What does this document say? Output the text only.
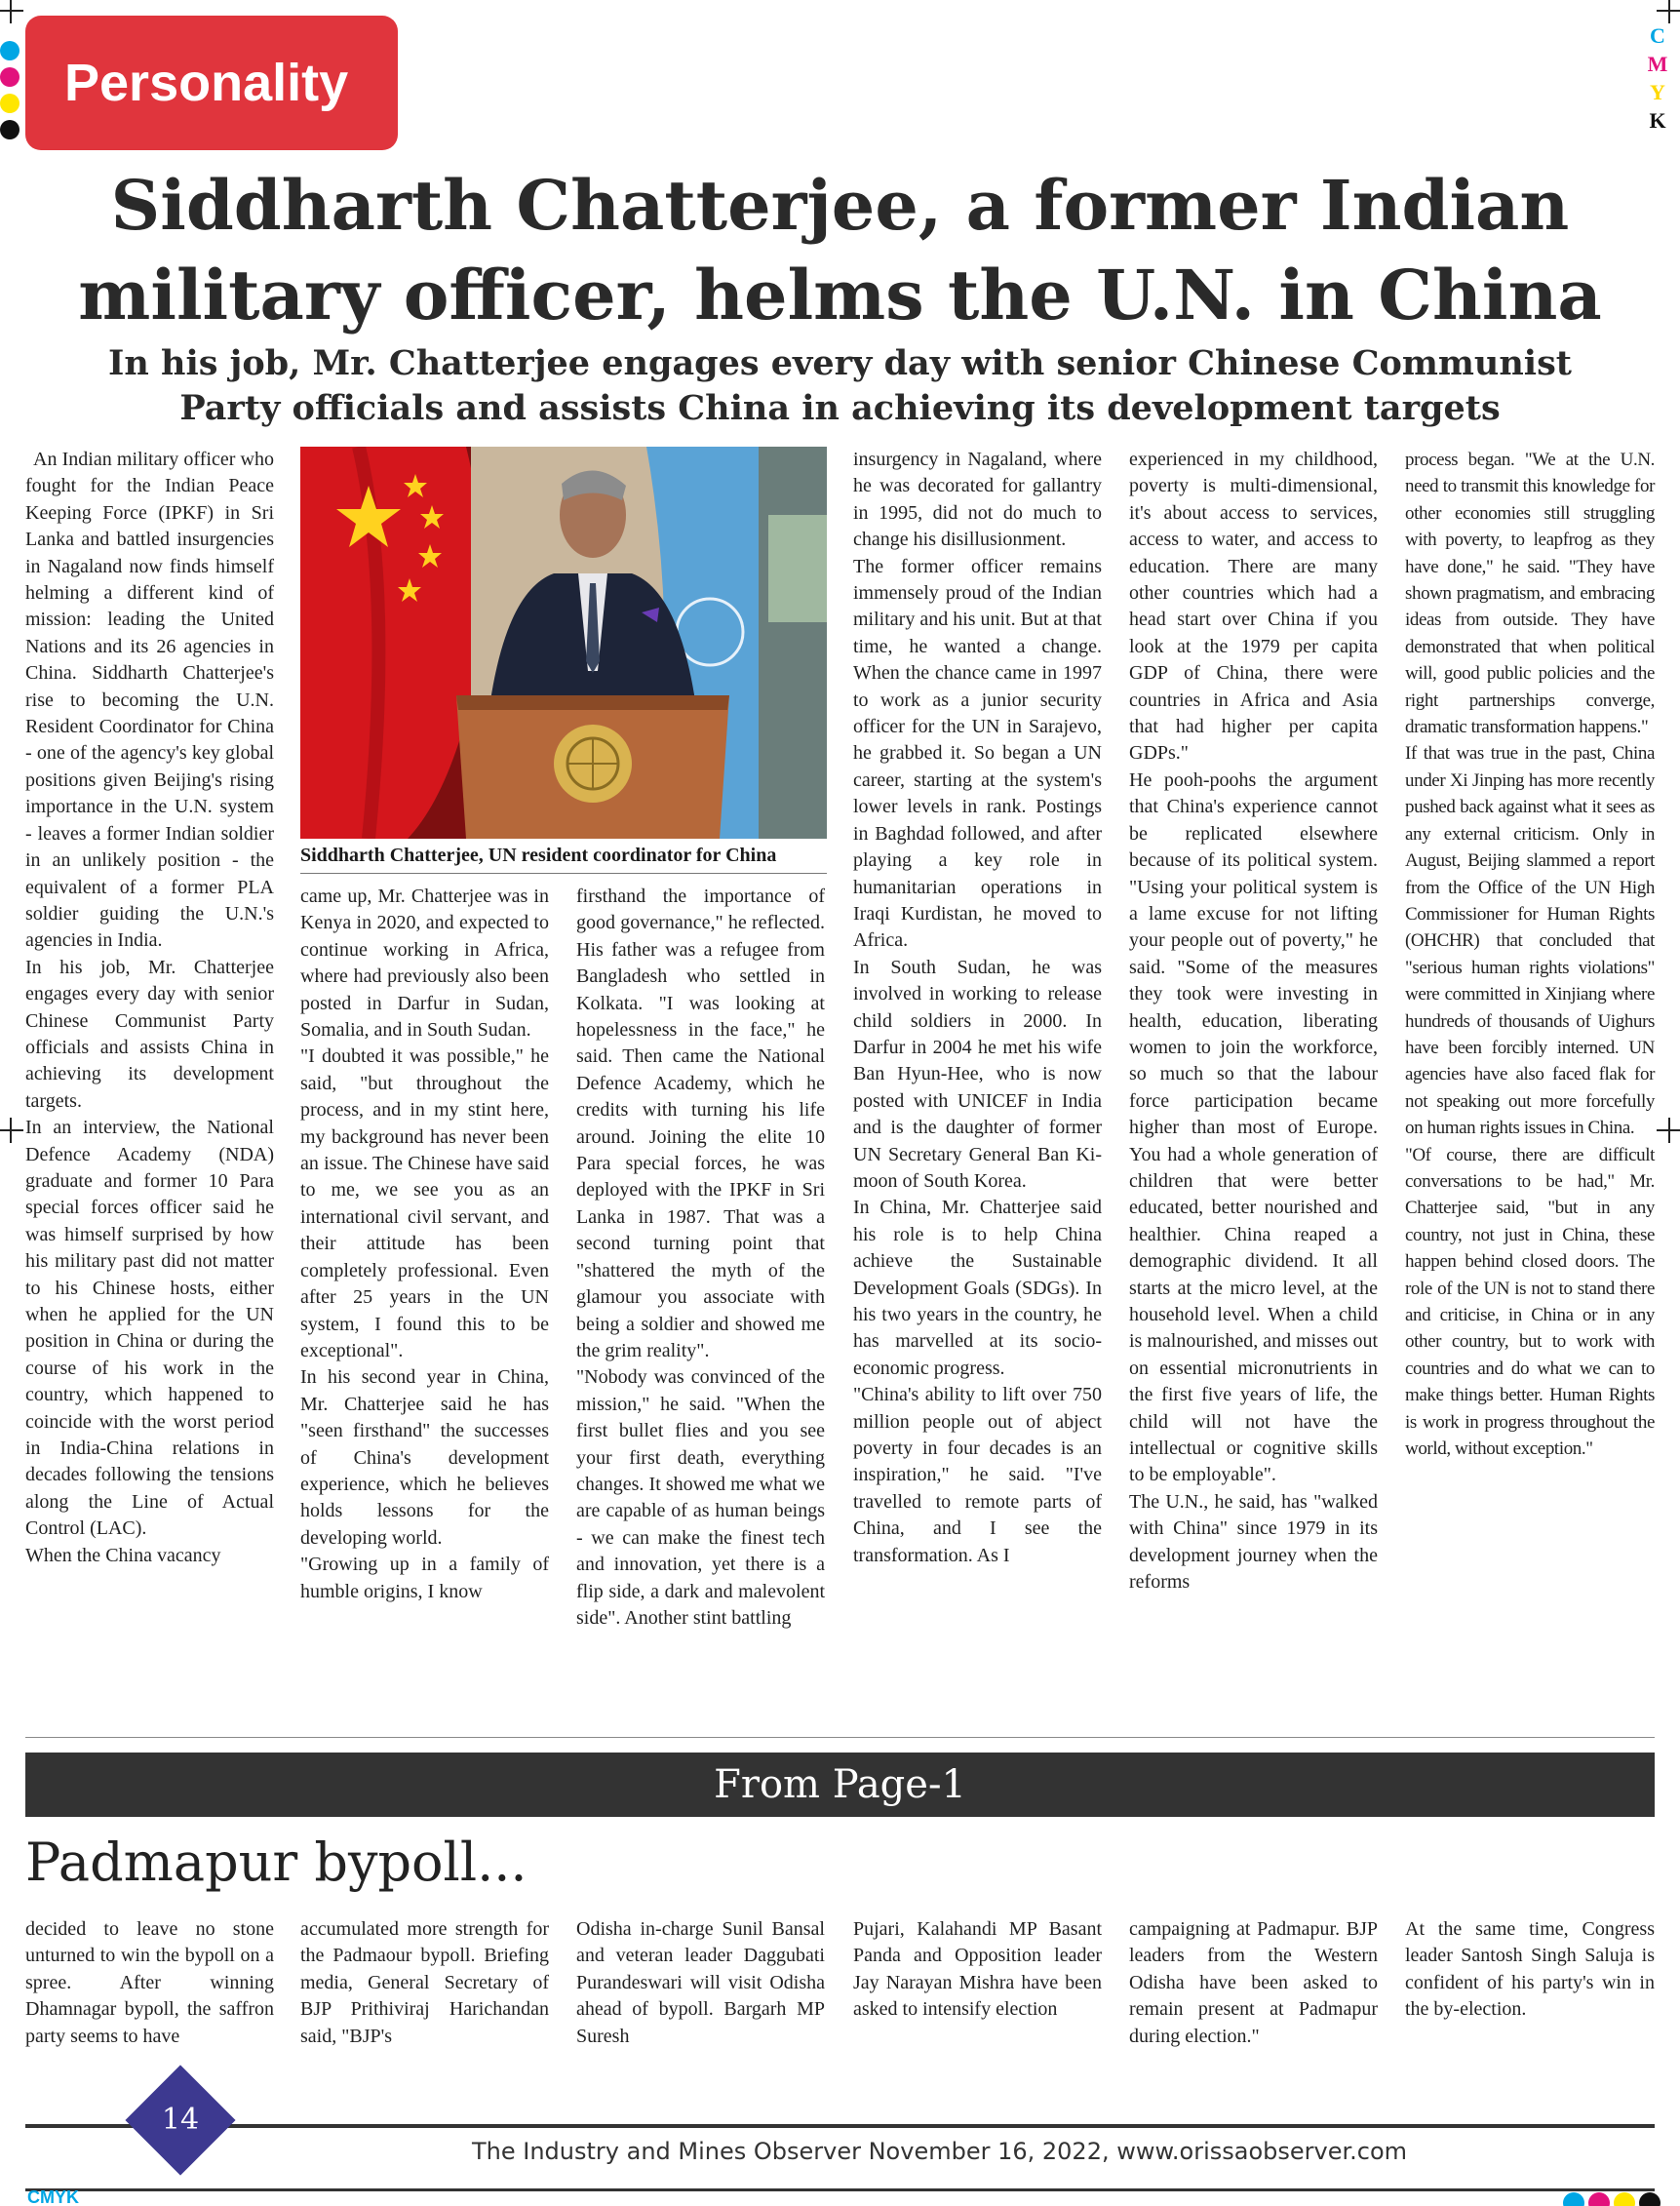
C
M
Y
K
Personality
Siddharth Chatterjee, a former Indian
military officer, helms the U.N. in China
In his job, Mr. Chatterjee engages every day with senior Chinese Communist
Party officials and assists China in achieving its development targets

An Indian military officer who fought for the Indian Peace Keeping Force (IPKF) in Sri Lanka and battled insurgencies in Nagaland now finds himself helming a different kind of mission: leading the United Nations and its 26 agencies in China. Siddharth Chatterjee's rise to becoming the U.N. Resident Coordinator for China - one of the agency's key global positions given Beijing's rising importance in the U.N. system - leaves a former Indian soldier in an unlikely position - the equivalent of a former PLA soldier guiding the U.N.'s agencies in India.

In his job, Mr. Chatterjee engages every day with senior Chinese Communist Party officials and assists China in achieving its development targets.

In an interview, the National Defence Academy (NDA) graduate and former 10 Para special forces officer said he was himself surprised by how his military past did not matter to his Chinese hosts, either when he applied for the UN position in China or during the course of his work in the country, which happened to coincide with the worst period in India-China relations in decades following the tensions along the Line of Actual Control (LAC).

When the China vacancy

Siddharth Chatterjee, UN resident coordinator for China

came up, Mr. Chatterjee was in Kenya in 2020, and expected to continue working in Africa, where had previously also been posted in Darfur in Sudan, Somalia, and in South Sudan.

"I doubted it was possible," he said, "but throughout the process, and in my stint here, my background has never been an issue. The Chinese have said to me, we see you as an international civil servant, and their attitude has been completely professional. Even after 25 years in the UN system, I found this to be exceptional".

In his second year in China, Mr. Chatterjee said he has "seen firsthand" the successes of China's development experience, which he believes holds lessons for the developing world.

"Growing up in a family of humble origins, I know

firsthand the importance of good governance," he reflected. His father was a refugee from Bangladesh who settled in Kolkata. "I was looking at hopelessness in the face," he said. Then came the National Defence Academy, which he credits with turning his life around. Joining the elite 10 Para special forces, he was deployed with the IPKF in Sri Lanka in 1987. That was a second turning point that "shattered the myth of the glamour you associate with being a soldier and showed me the grim reality".

"Nobody was convinced of the mission," he said. "When the first bullet flies and you see your first death, everything changes. It showed me what we are capable of as human beings - we can make the finest tech and innovation, yet there is a flip side, a dark and malevolent side". Another stint battling

insurgency in Nagaland, where he was decorated for gallantry in 1995, did not do much to change his disillusionment.

The former officer remains immensely proud of the Indian military and his unit. But at that time, he wanted a change. When the chance came in 1997 to work as a junior security officer for the UN in Sarajevo, he grabbed it. So began a UN career, starting at the system's lower levels in rank. Postings in Baghdad followed, and after playing a key role in humanitarian operations in Iraqi Kurdistan, he moved to Africa.

In South Sudan, he was involved in working to release child soldiers in 2000. In Darfur in 2004 he met his wife Ban Hyun-Hee, who is now posted with UNICEF in India and is the daughter of former UN Secretary General Ban Ki-moon of South Korea.

In China, Mr. Chatterjee said his role is to help China achieve the Sustainable Development Goals (SDGs). In his two years in the country, he has marvelled at its socio-economic progress.

"China's ability to lift over 750 million people out of abject poverty in four decades is an inspiration," he said. "I've travelled to remote parts of China, and I see the transformation. As I

experienced in my childhood, poverty is multi-dimensional, it's about access to services, access to water, and access to education. There are many other countries which had a head start over China if you look at the 1979 per capita GDP of China, there were countries in Africa and Asia that had higher per capita GDPs."

He pooh-poohs the argument that China's experience cannot be replicated elsewhere because of its political system. "Using your political system is a lame excuse for not lifting your people out of poverty," he said. "Some of the measures they took were investing in health, education, liberating women to join the workforce, so much so that the labour force participation became higher than most of Europe. You had a whole generation of children that were better educated, better nourished and healthier. China reaped a demographic dividend. It all starts at the micro level, at the household level. When a child is malnourished, and misses out on essential micronutrients in the first five years of life, the child will not have the intellectual or cognitive skills to be employable".

The U.N., he said, has "walked with China" since 1979 in its development journey when the reforms

process began. "We at the U.N. need to transmit this knowledge for other economies still struggling with poverty, to leapfrog as they have done," he said. "They have shown pragmatism, and embracing ideas from outside. They have demonstrated that when political will, good public policies and the right partnerships converge, dramatic transformation happens."

If that was true in the past, China under Xi Jinping has more recently pushed back against what it sees as any external criticism. Only in August, Beijing slammed a report from the Office of the UN High Commissioner for Human Rights (OHCHR) that concluded that "serious human rights violations" were committed in Xinjiang where hundreds of thousands of Uighurs have been forcibly interned. UN agencies have also faced flak for not speaking out more forcefully on human rights issues in China.

"Of course, there are difficult conversations to be had," Mr. Chatterjee said, "but in any country, not just in China, these happen behind closed doors. The role of the UN is not to stand there and criticise, in China or in any other country, but to work with countries and do what we can to make things better. Human Rights is work in progress throughout the world, without exception."

From Page-1
Padmapur bypoll...
decided to leave no stone unturned to win the bypoll on a spree. After winning Dhamnagar bypoll, the saffron party seems to have
accumulated more strength for the Padmaour bypoll. Briefing media, General Secretary of BJP Prithiviraj Harichandan said, "BJP's
Odisha in-charge Sunil Bansal and veteran leader Daggubati Purandeswari will visit Odisha ahead of bypoll. Bargarh MP Suresh
Pujari, Kalahandi MP Basant Panda and Opposition leader Jay Narayan Mishra have been asked to intensify election
campaigning at Padmapur. BJP leaders from the Western Odisha have been asked to remain present at Padmapur during election."
At the same time, Congress leader Santosh Singh Saluja is confident of his party's win in the by-election.
14
The Industry and Mines Observer November 16, 2022, www.orissaobserver.com
CMYK
